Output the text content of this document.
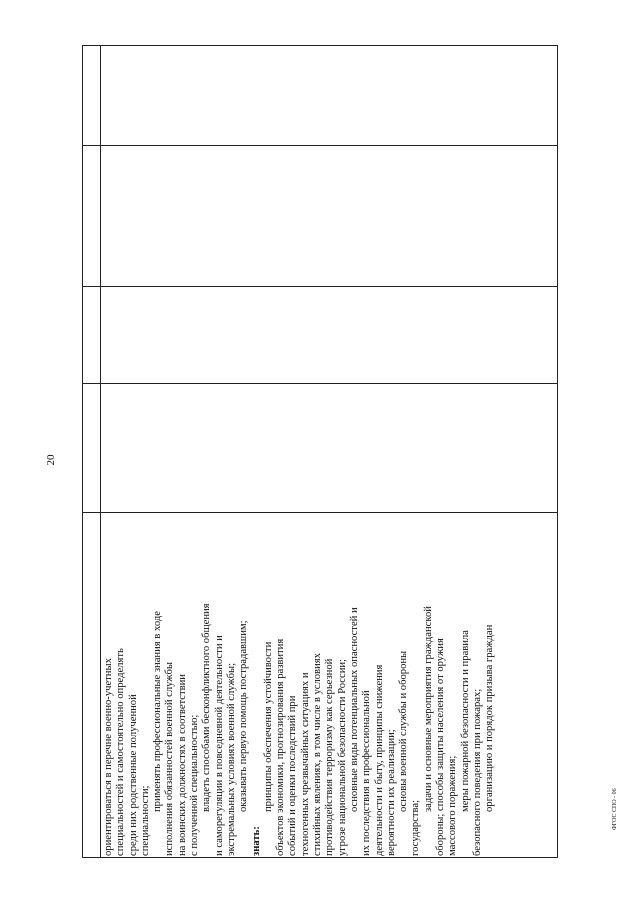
20

ориентироваться в перечне военно-учетных специальностей и самостоятельно определять среди них родственные полученной специальности;

применять профессиональные знания в ходе исполнения обязанностей военной службы на воинских должностях в соответствии с полученной специальностью; владеть способами бесконфликтного общения и саморегуляции в повседневной деятельности и экстремальных условиях военной службы; оказывать первую помощь пострадавшим;

знать:

принципы обеспечения устойчивости объектов экономики, прогнозирования развития событий и оценки последствий при техногенных чрезвычайных ситуациях и стихийных явлениях, в том числе в условиях противодействия терроризму как серьезной угрозе национальной безопасности России; основные виды потенциальных опасностей и их последствия в профессиональной деятельности и быту, принципы снижения вероятности их реализации; основы военной службы и обороны

государства;

задачи и основные мероприятия гражданской обороны; способы защиты населения от оружия массового поражения; меры пожарной безопасности и правила безопасного поведения при пожарах; организацию и порядок призыва граждан	ФГОС СПО - 06
